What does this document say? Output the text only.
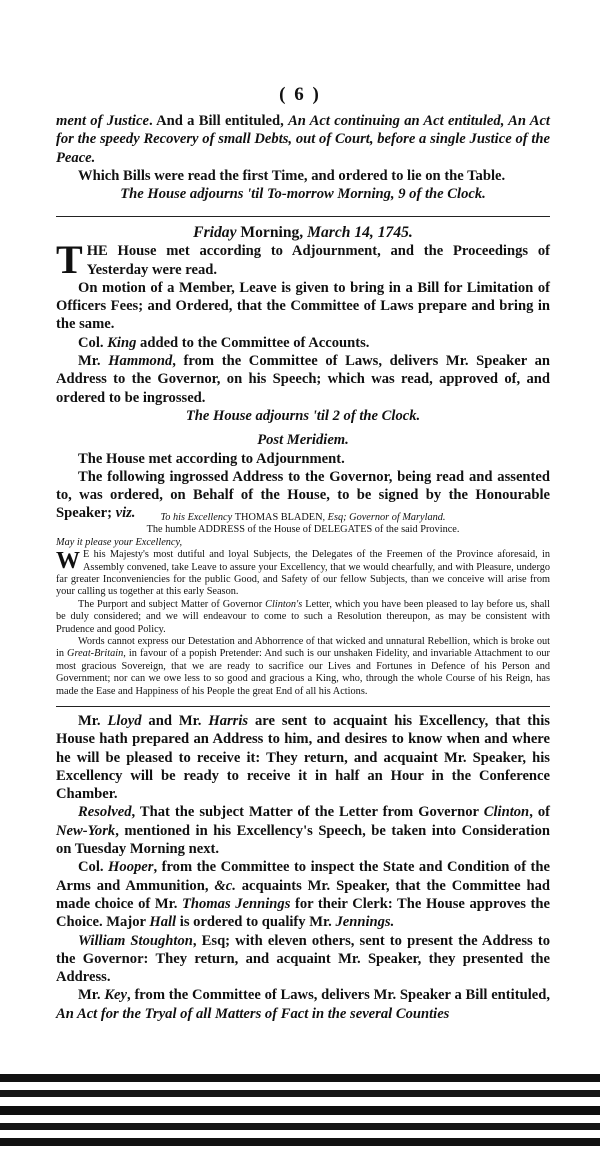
( 6 )

ment of Justice. And a Bill entituled, An Act continuing an Act entituled, An Act for the speedy Recovery of small Debts, out of Court, before a single Justice of the Peace.

Which Bills were read the first Time, and ordered to lie on the Table.

The House adjourns 'til To-morrow Morning, 9 of the Clock.

Friday Morning, March 14, 1745.

THE House met according to Adjournment, and the Proceedings of Yesterday were read.

On motion of a Member, Leave is given to bring in a Bill for Limitation of Officers Fees; and Ordered, that the Committee of Laws prepare and bring in the same.

Col. King added to the Committee of Accounts.

Mr. Hammond, from the Committee of Laws, delivers Mr. Speaker an Address to the Governor, on his Speech; which was read, approved of, and ordered to be ingrossed.

The House adjourns 'til 2 of the Clock.

Post Meridiem.

The House met according to Adjournment.

The following ingrossed Address to the Governor, being read and assented to, was ordered, on Behalf of the House, to be signed by the Honourable Speaker; viz.	To his Excellency THOMAS BLADEN, Esq; Governor of Maryland.

The humble ADDRESS of the House of DELEGATES of the said Province.

May it please your Excellency,

W E his Majesty's most dutiful and loyal Subjects, the Delegates of the Freemen of the Province aforesaid, in Assembly convened, take Leave to assure your Excellency, that we would chearfully, and with Pleasure, undergo far greater Inconveniencies for the public Good, and Safety of our fellow Subjects, than we conceive will arise from your calling us together at this early Season.

The Purport and subject Matter of Governor Clinton's Letter, which you have been pleased to lay before us, shall be duly considered; and we will endeavour to come to such a Resolution thereupon, as may be consistent with Prudence and good Policy.

Words cannot express our Detestation and Abhorrence of that wicked and unnatural Rebellion, which is broke out in Great-Britain, in favour of a popish Pretender: And such is our unshaken Fidelity, and invariable Attachment to our most gracious Sovereign, that we are ready to sacrifice our Lives and Fortunes in Defence of his Person and Government; nor can we owe less to so good and gracious a King, who, through the whole Course of his Reign, has made the Ease and Happiness of his People the great End of all his Actions.

Mr. Lloyd and Mr. Harris are sent to acquaint his Excellency, that this House hath prepared an Address to him, and desires to know when and where he will be pleased to receive it: They return, and acquaint Mr. Speaker, his Excellency will be ready to receive it in half an Hour in the Conference Chamber.

Resolved, That the subject Matter of the Letter from Governor Clinton, of New-York, mentioned in his Excellency's Speech, be taken into Consideration on Tuesday Morning next.

Col. Hooper, from the Committee to inspect the State and Condition of the Arms and Ammunition, &c. acquaints Mr. Speaker, that the Committee had made choice of Mr. Thomas Jennings for their Clerk: The House approves the Choice. Major Hall is ordered to qualify Mr. Jennings.

William Stoughton, Esq; with eleven others, sent to present the Address to the Governor: They return, and acquaint Mr. Speaker, they presented the Address.

Mr. Key, from the Committee of Laws, delivers Mr. Speaker a Bill entituled, An Act for the Tryal of all Matters of Fact in the several Counties
